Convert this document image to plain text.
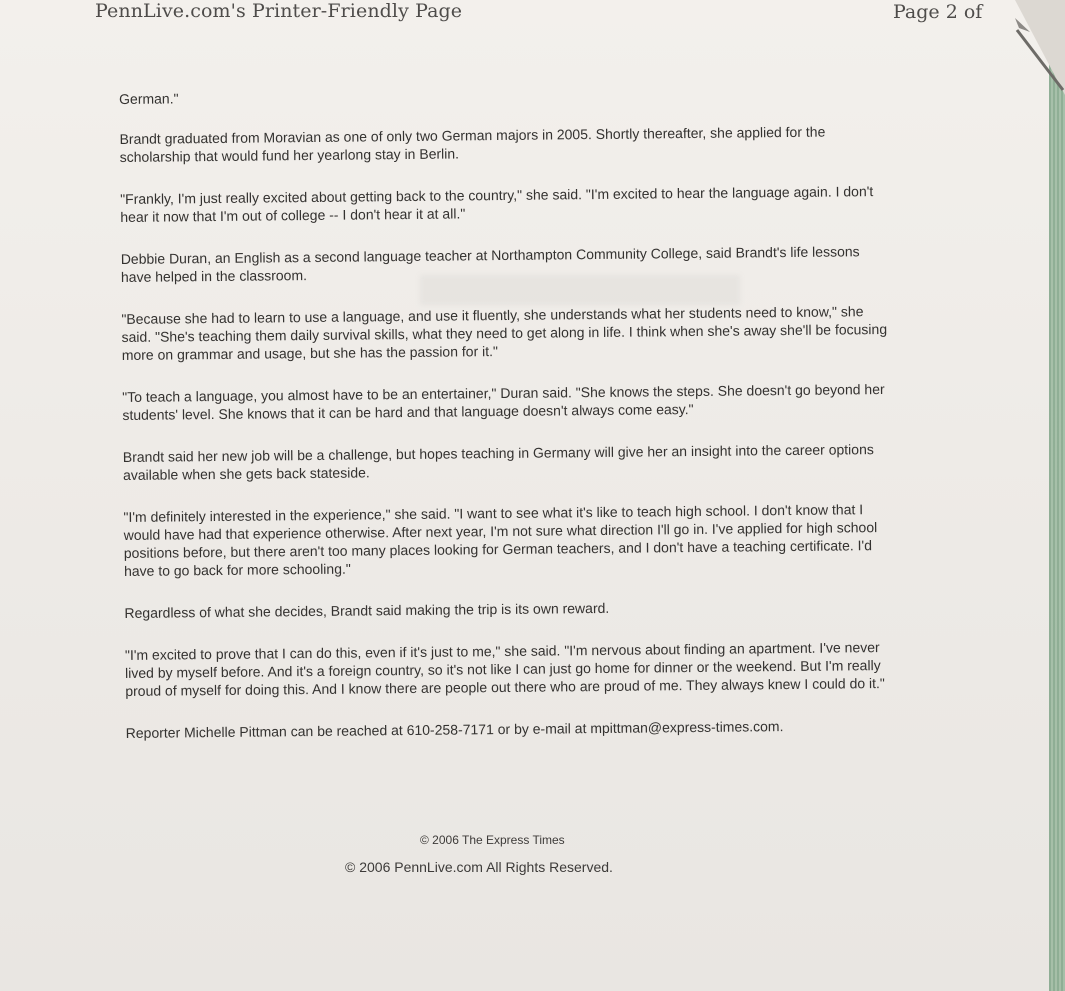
PennLive.com's Printer-Friendly Page	Page 2 of

German."

Brandt graduated from Moravian as one of only two German majors in 2005. Shortly thereafter, she applied for the scholarship that would fund her yearlong stay in Berlin.

"Frankly, I'm just really excited about getting back to the country," she said. "I'm excited to hear the language again. I don't hear it now that I'm out of college -- I don't hear it at all."

Debbie Duran, an English as a second language teacher at Northampton Community College, said Brandt's life lessons have helped in the classroom.

"Because she had to learn to use a language, and use it fluently, she understands what her students need to know," she said. "She's teaching them daily survival skills, what they need to get along in life. I think when she's away she'll be focusing more on grammar and usage, but she has the passion for it."

"To teach a language, you almost have to be an entertainer," Duran said. "She knows the steps. She doesn't go beyond her students' level. She knows that it can be hard and that language doesn't always come easy."

Brandt said her new job will be a challenge, but hopes teaching in Germany will give her an insight into the career options available when she gets back stateside.

"I'm definitely interested in the experience," she said. "I want to see what it's like to teach high school. I don't know that I would have had that experience otherwise. After next year, I'm not sure what direction I'll go in. I've applied for high school positions before, but there aren't too many places looking for German teachers, and I don't have a teaching certificate. I'd have to go back for more schooling."

Regardless of what she decides, Brandt said making the trip is its own reward.

"I'm excited to prove that I can do this, even if it's just to me," she said. "I'm nervous about finding an apartment. I've never lived by myself before. And it's a foreign country, so it's not like I can just go home for dinner or the weekend. But I'm really proud of myself for doing this. And I know there are people out there who are proud of me. They always knew I could do it."

Reporter Michelle Pittman can be reached at 610-258-7171 or by e-mail at mpittman@express-times.com.

© 2006 The Express Times
© 2006 PennLive.com All Rights Reserved.
